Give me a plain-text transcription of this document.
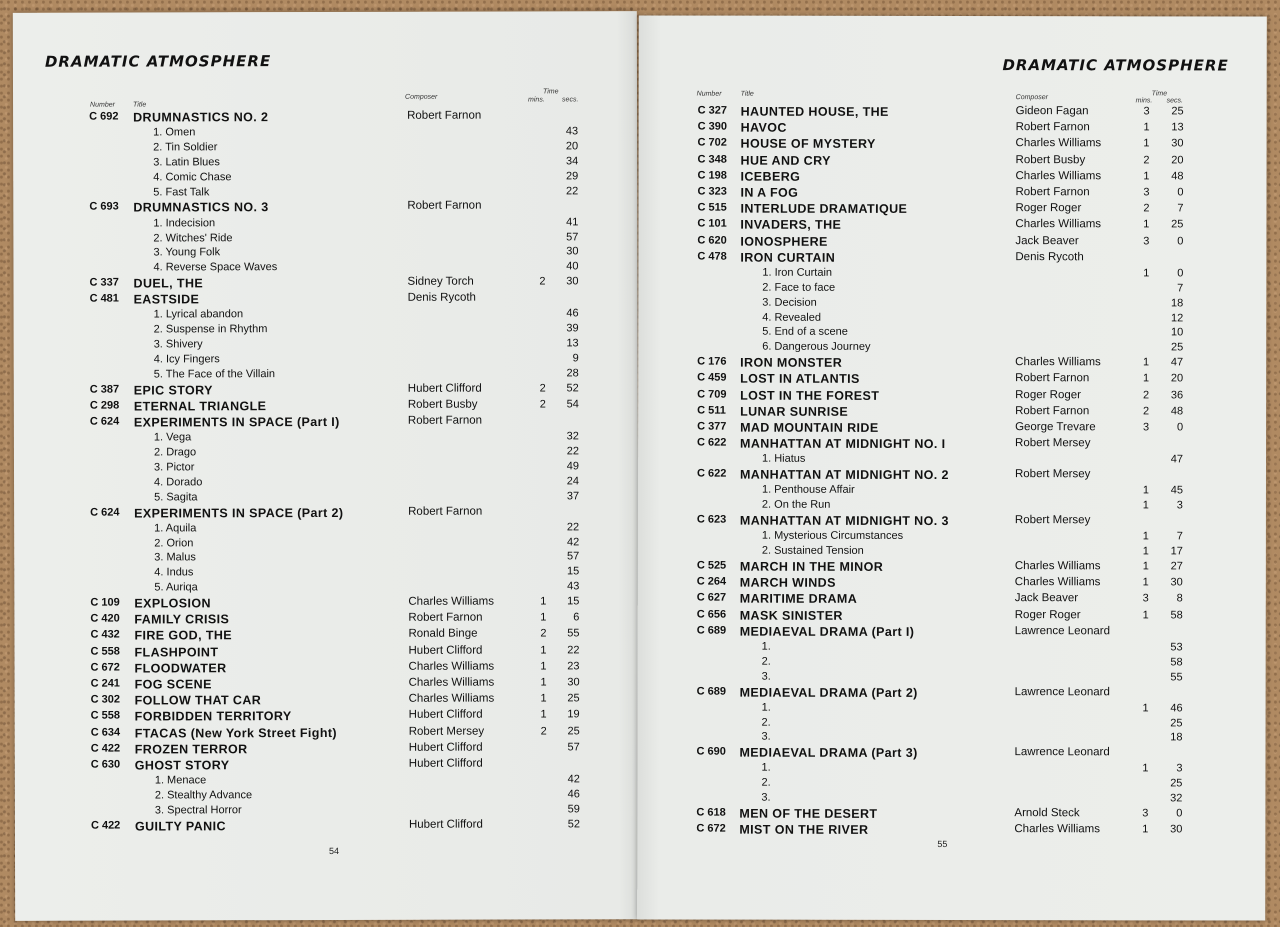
DRAMATIC ATMOSPHERE
Number	Title
Composer
Time
mins. secs.
C 692 DRUMNASTICS NO. 2	Robert Farnon
1. Omen	43
2. Tin Soldier	20
3. Latin Blues	34
4. Comic Chase	29
5. Fast Talk	22
C 693 DRUMNASTICS NO. 3	Robert Farnon
1. Indecision	41
2. Witches' Ride	57
3. Young Folk	30
4. Reverse Space Waves	40
C 337 DUEL, THE	Sidney Torch	2	30
C 481 EASTSIDE	Denis Rycoth
1. Lyrical abandon	46
2. Suspense in Rhythm	39
3. Shivery	13
4. Icy Fingers	9
5. The Face of the Villain	28
C 387 EPIC STORY	Hubert Clifford	2	52
C 298 ETERNAL TRIANGLE	Robert Busby	2	54
C 624 EXPERIMENTS IN SPACE (Part I)	Robert Farnon
1. Vega	32
2. Drago	22
3. Pictor	49
4. Dorado	24
5. Sagita	37
C 624 EXPERIMENTS IN SPACE (Part 2)	Robert Farnon
1. Aquila	22
2. Orion	42
3. Malus	57
4. Indus	15
5. Auriqa	43
C 109 EXPLOSION	Charles Williams	1	15
C 420 FAMILY CRISIS	Robert Farnon	1	6
C 432 FIRE GOD, THE	Ronald Binge	2	55
C 558 FLASHPOINT	Hubert Clifford	1	22
C 672 FLOODWATER	Charles Williams	1	23
C 241 FOG SCENE	Charles Williams	1	30
C 302 FOLLOW THAT CAR	Charles Williams	1	25
C 558 FORBIDDEN TERRITORY	Hubert Clifford	1	19
C 634 FTACAS (New York Street Fight)	Robert Mersey	2	25
C 422 FROZEN TERROR	Hubert Clifford	57
C 630 GHOST STORY	Hubert Clifford
1. Menace	42
2. Stealthy Advance	46
3. Spectral Horror	59
C 422 GUILTY PANIC	Hubert Clifford	52
54
DRAMATIC ATMOSPHERE
Number	Title	Composer
Time
mins. secs.
C 327 HAUNTED HOUSE, THE	Gideon Fagan	3	25
C 390 HAVOC	Robert Farnon	1	13
C 702 HOUSE OF MYSTERY	Charles Williams	1	30
C 348 HUE AND CRY	Robert Busby	2	20
C 198 ICEBERG	Charles Williams	1	48
C 323 IN A FOG	Robert Farnon	3	0
C 515 INTERLUDE DRAMATIQUE	Roger Roger	2	7
C 101 INVADERS, THE	Charles Williams	1	25
C 620 IONOSPHERE	Jack Beaver	3	0
C 478 IRON CURTAIN	Denis Rycoth
1. Iron Curtain	1	0
2. Face to face	7
3. Decision	18
4. Revealed	12
5. End of a scene	10
6. Dangerous Journey	25
C 176 IRON MONSTER	Charles Williams	1	47
C 459 LOST IN ATLANTIS	Robert Farnon	1	20
C 709 LOST IN THE FOREST	Roger Roger	2	36
C 511 LUNAR SUNRISE	Robert Farnon	2	48
C 377 MAD MOUNTAIN RIDE	George Trevare	3	0
C 622 MANHATTAN AT MIDNIGHT NO. I	Robert Mersey
1. Hiatus	47
C 622 MANHATTAN AT MIDNIGHT NO. 2	Robert Mersey
1. Penthouse Affair	1	45
2. On the Run	1	3
C 623 MANHATTAN AT MIDNIGHT NO. 3	Robert Mersey
1. Mysterious Circumstances	1	7
2. Sustained Tension	1	17
C 525 MARCH IN THE MINOR	Charles Williams	1	27
C 264 MARCH WINDS	Charles Williams	1	30
C 627 MARITIME DRAMA	Jack Beaver	3	8
C 656 MASK SINISTER	Roger Roger	1	58
C 689 MEDIAEVAL DRAMA (Part I)	Lawrence Leonard
1.	53
2.	58
3.	55
C 689 MEDIAEVAL DRAMA (Part 2)	Lawrence Leonard
1.	1	46
2.	25
3.	18
C 690 MEDIAEVAL DRAMA (Part 3)	Lawrence Leonard
1.	1	3
2.	25
3.	32
C 618 MEN OF THE DESERT	Arnold Steck	3	0
C 672 MIST ON THE RIVER	Charles Williams	1	30
55
